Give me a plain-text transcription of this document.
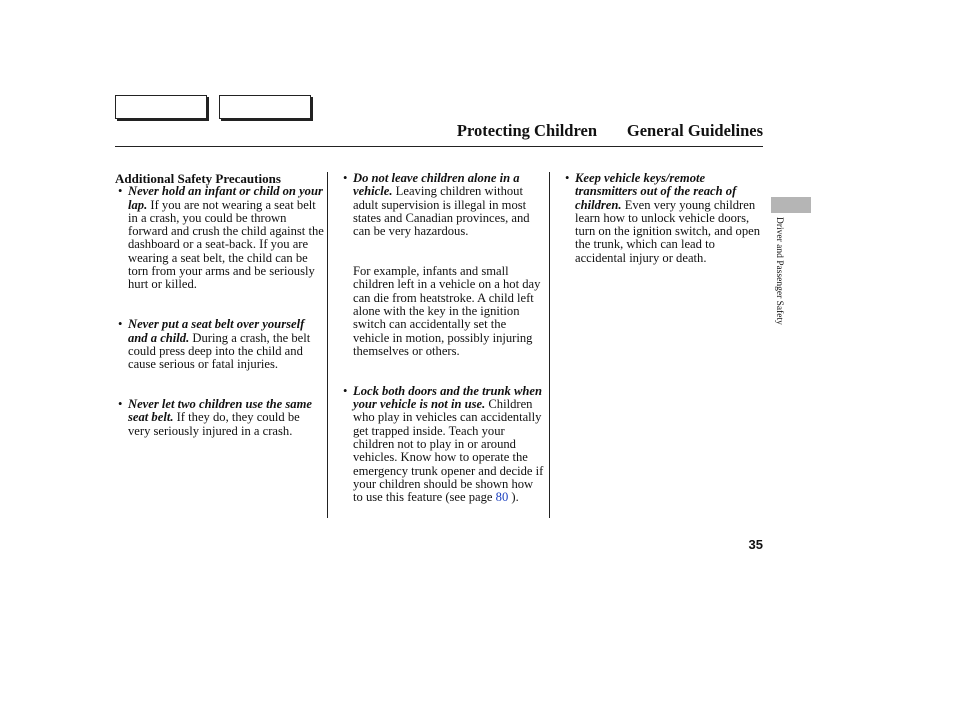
Protecting Children General Guidelines
Additional Safety Precautions

• Never hold an infant or child on your lap. If you are not wearing a seat belt in a crash, you could be thrown forward and crush the child against the dashboard or a seat-back. If you are wearing a seat belt, the child can be torn from your arms and be seriously hurt or killed.

• Never put a seat belt over yourself and a child. During a crash, the belt could press deep into the child and cause serious or fatal injuries.

• Never let two children use the same seat belt. If they do, they could be very seriously injured in a crash.

• Do not leave children alone in a vehicle. Leaving children without adult supervision is illegal in most states and Canadian provinces, and can be very hazardous.

For example, infants and small children left in a vehicle on a hot day can die from heatstroke. A child left alone with the key in the ignition switch can accidentally set the vehicle in motion, possibly injuring themselves or others.

• Lock both doors and the trunk when your vehicle is not in use. Children who play in vehicles can accidentally get trapped inside. Teach your children not to play in or around vehicles. Know how to operate the emergency trunk opener and decide if your children should be shown how to use this feature (see page 80 ).

• Keep vehicle keys/remote transmitters out of the reach of children. Even very young children learn how to unlock vehicle doors, turn on the ignition switch, and open the trunk, which can lead to accidental injury or death.	Driver and Passenger Safety
35
